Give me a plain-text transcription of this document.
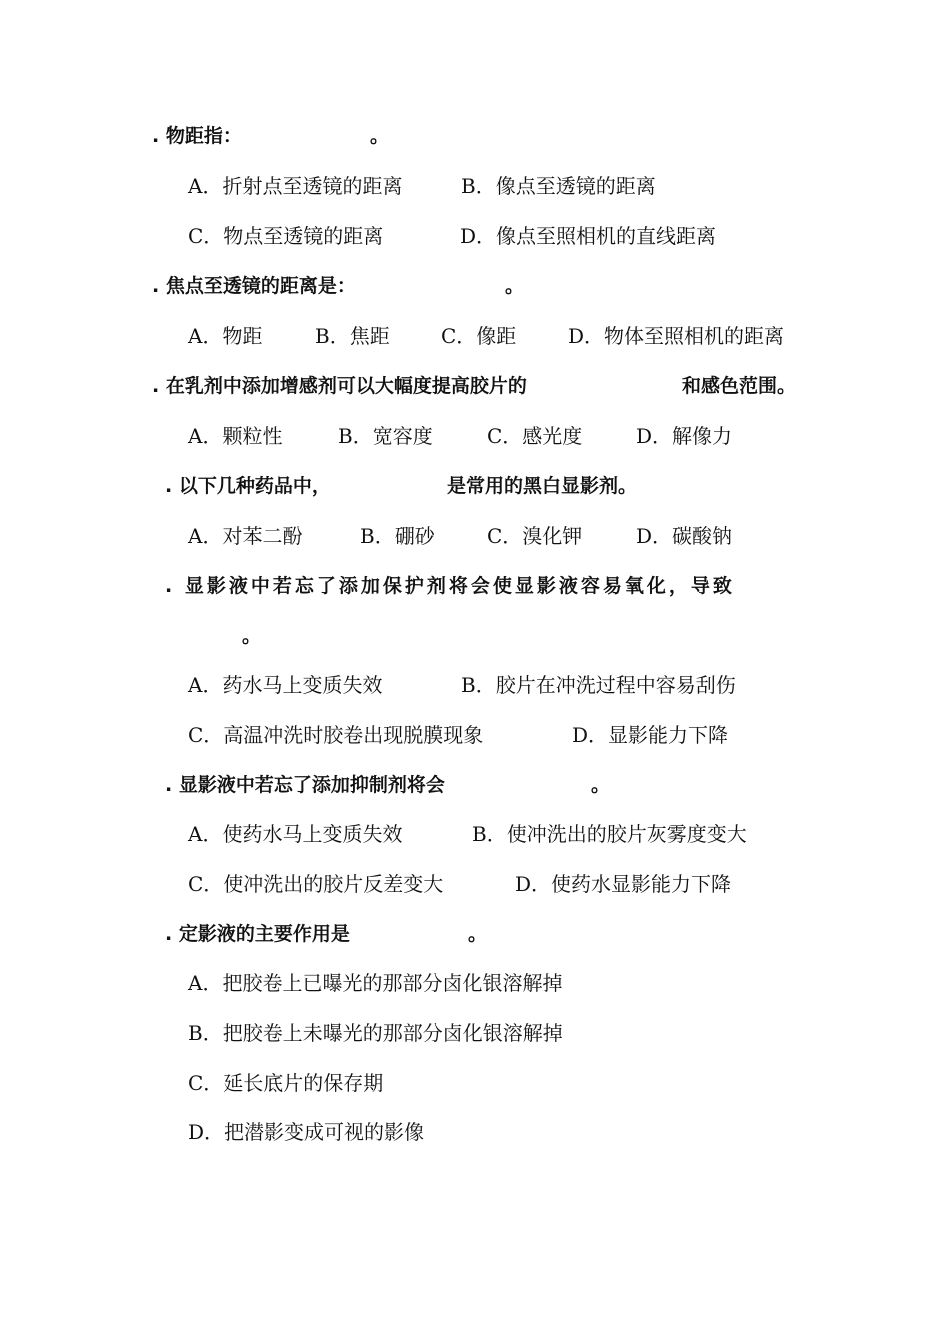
. 物距指：	。
A．折射点至透镜的距离	B．像点至透镜的距离
C．物点至透镜的距离	D．像点至照相机的直线距离
. 焦点至透镜的距离是：	。
A．物距	B．焦距	C．像距	D．物体至照相机的距离
. 在乳剂中添加增感剂可以大幅度提高胶片的	和感色范围。
A．颗粒性	B．宽容度	C．感光度	D．解像力
. 以下几种药品中，	是常用的黑白显影剂。
A．对苯二酚	B．硼砂	C．溴化钾	D．碳酸钠
. 显影液中若忘了添加保护剂将会使显影液容易氧化，导致
。
A．药水马上变质失效	B．胶片在冲洗过程中容易刮伤
C．高温冲洗时胶卷出现脱膜现象	D．显影能力下降
. 显影液中若忘了添加抑制剂将会	。
A．使药水马上变质失效	B．使冲洗出的胶片灰雾度变大
C．使冲洗出的胶片反差变大	D．使药水显影能力下降
. 定影液的主要作用是	。
A．把胶卷上已曝光的那部分卤化银溶解掉
B．把胶卷上未曝光的那部分卤化银溶解掉
C．延长底片的保存期
D．把潜影变成可视的影像
